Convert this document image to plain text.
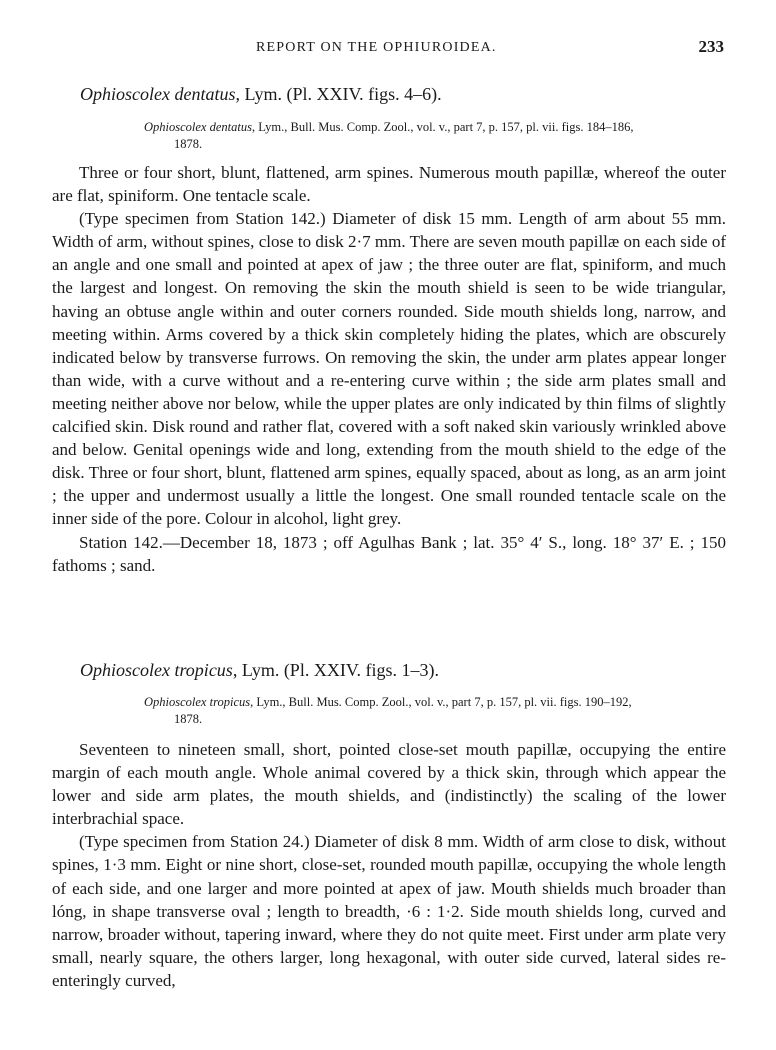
REPORT ON THE OPHIUROIDEA.	233
Ophioscolex dentatus, Lym. (Pl. XXIV. figs. 4–6).
Ophioscolex dentatus, Lym., Bull. Mus. Comp. Zool., vol. v., part 7, p. 157, pl. vii. figs. 184–186,
1878.

Three or four short, blunt, flattened, arm spines. Numerous mouth papillæ, whereof the outer are flat, spiniform. One tentacle scale.

(Type specimen from Station 142.) Diameter of disk 15 mm. Length of arm about 55 mm. Width of arm, without spines, close to disk 2·7 mm. There are seven mouth papillæ on each side of an angle and one small and pointed at apex of jaw ; the three outer are flat, spiniform, and much the largest and longest. On removing the skin the mouth shield is seen to be wide triangular, having an obtuse angle within and outer corners rounded. Side mouth shields long, narrow, and meeting within. Arms covered by a thick skin completely hiding the plates, which are obscurely indicated below by transverse furrows. On removing the skin, the under arm plates appear longer than wide, with a curve without and a re-entering curve within ; the side arm plates small and meeting neither above nor below, while the upper plates are only indicated by thin films of slightly calcified skin. Disk round and rather flat, covered with a soft naked skin variously wrinkled above and below. Genital openings wide and long, extending from the mouth shield to the edge of the disk. Three or four short, blunt, flattened arm spines, equally spaced, about as long, as an arm joint ; the upper and undermost usually a little the longest. One small rounded tentacle scale on the inner side of the pore. Colour in alcohol, light grey.

Station 142.—December 18, 1873 ; off Agulhas Bank ; lat. 35° 4′ S., long. 18° 37′ E. ; 150 fathoms ; sand.

Ophioscolex tropicus, Lym. (Pl. XXIV. figs. 1–3).
Ophioscolex tropicus, Lym., Bull. Mus. Comp. Zool., vol. v., part 7, p. 157, pl. vii. figs. 190–192,
1878.

Seventeen to nineteen small, short, pointed close-set mouth papillæ, occupying the entire margin of each mouth angle. Whole animal covered by a thick skin, through which appear the lower and side arm plates, the mouth shields, and (indistinctly) the scaling of the lower interbrachial space.

(Type specimen from Station 24.) Diameter of disk 8 mm. Width of arm close to disk, without spines, 1·3 mm. Eight or nine short, close-set, rounded mouth papillæ, occupying the whole length of each side, and one larger and more pointed at apex of jaw. Mouth shields much broader than lóng, in shape transverse oval ; length to breadth, ·6 : 1·2. Side mouth shields long, curved and narrow, broader without, tapering inward, where they do not quite meet. First under arm plate very small, nearly square, the others larger, long hexagonal, with outer side curved, lateral sides re-enteringly curved,
